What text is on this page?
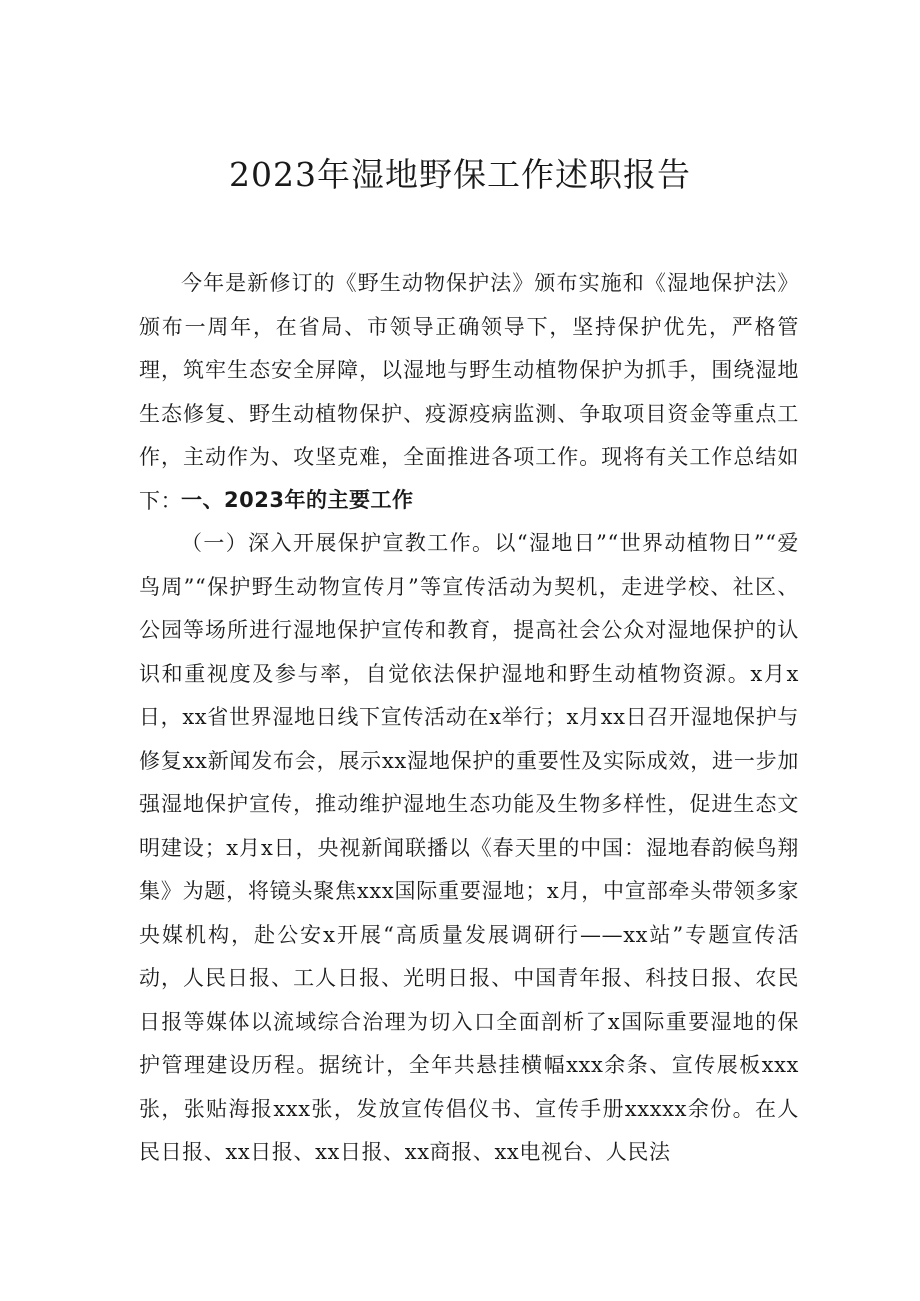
2023年湿地野保工作述职报告

今年是新修订的《野生动物保护法》颁布实施和《湿地保护法》颁布一周年，在省局、市领导正确领导下，坚持保护优先，严格管理，筑牢生态安全屏障，以湿地与野生动植物保护为抓手，围绕湿地生态修复、野生动植物保护、疫源疫病监测、争取项目资金等重点工作，主动作为、攻坚克难，全面推进各项工作。现将有关工作总结如下：

一、2023年的主要工作

（一）深入开展保护宣教工作。以“湿地日”“世界动植物日”“爱鸟周”“保护野生动物宣传月”等宣传活动为契机，走进学校、社区、公园等场所进行湿地保护宣传和教育，提高社会公众对湿地保护的认识和重视度及参与率，自觉依法保护湿地和野生动植物资源。x月x日，xx省世界湿地日线下宣传活动在x举行；x月xx日召开湿地保护与修复xx新闻发布会，展示xx湿地保护的重要性及实际成效，进一步加强湿地保护宣传，推动维护湿地生态功能及生物多样性，促进生态文明建设；x月x日，央视新闻联播以《春天里的中国：湿地春韵候鸟翔集》为题，将镜头聚焦xxx国际重要湿地；x月，中宣部牵头带领多家央媒机构，赴公安x开展“高质量发展调研行——xx站”专题宣传活动，人民日报、工人日报、光明日报、中国青年报、科技日报、农民日报等媒体以流域综合治理为切入口全面剖析了x国际重要湿地的保护管理建设历程。据统计，全年共悬挂横幅xxx余条、宣传展板xxx张，张贴海报xxx张，发放宣传倡仪书、宣传手册xxxxx余份。在人民日报、xx日报、xx日报、xx商报、xx电视台、人民法
